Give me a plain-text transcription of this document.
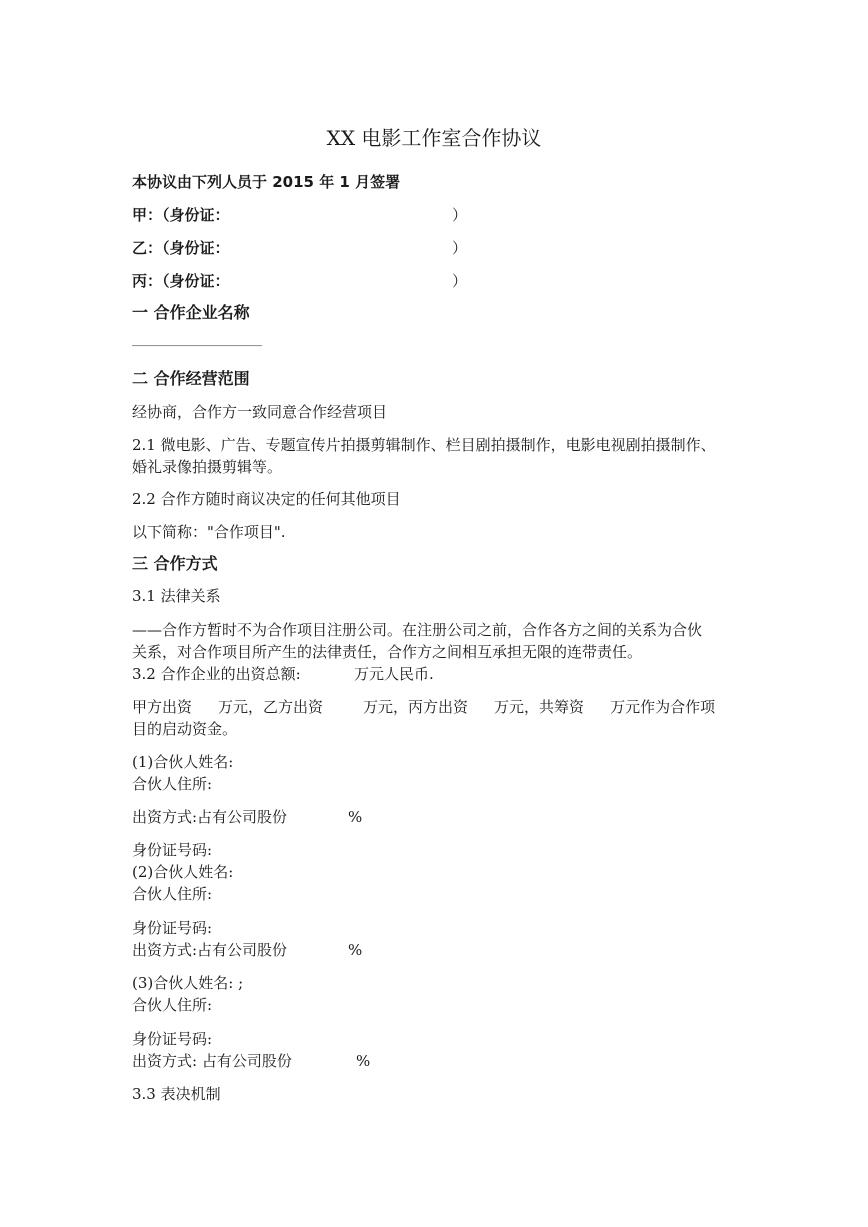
XX 电影工作室合作协议
本协议由下列人员于 2015 年 1 月签署
甲：（身份证：	）
乙：（身份证：	）
丙：（身份证：	）
一 合作企业名称
____________________
二 合作经营范围
经协商，合作方一致同意合作经营项目
2.1 微电影、广告、专题宣传片拍摄剪辑制作、栏目剧拍摄制作，电影电视剧拍摄制作、
婚礼录像拍摄剪辑等。
2.2 合作方随时商议决定的任何其他项目
以下简称："合作项目".
三 合作方式
3.1 法律关系
——合作方暂时不为合作项目注册公司。在注册公司之前，合作各方之间的关系为合伙
关系，对合作项目所产生的法律责任，合作方之间相互承担无限的连带责任。
3.2 合作企业的出资总额:	万元人民币.
甲方出资 万元，乙方出资	万元，丙方出资 万元，共筹资 万元作为合作项
目的启动资金。
(1)合伙人姓名:
合伙人住所:
出资方式:占有公司股份	%
身份证号码:
(2)合伙人姓名:
合伙人住所:
身份证号码:
出资方式:占有公司股份	%
(3)合伙人姓名: ;
合伙人住所:
身份证号码:
出资方式: 占有公司股份	%
3.3 表决机制
